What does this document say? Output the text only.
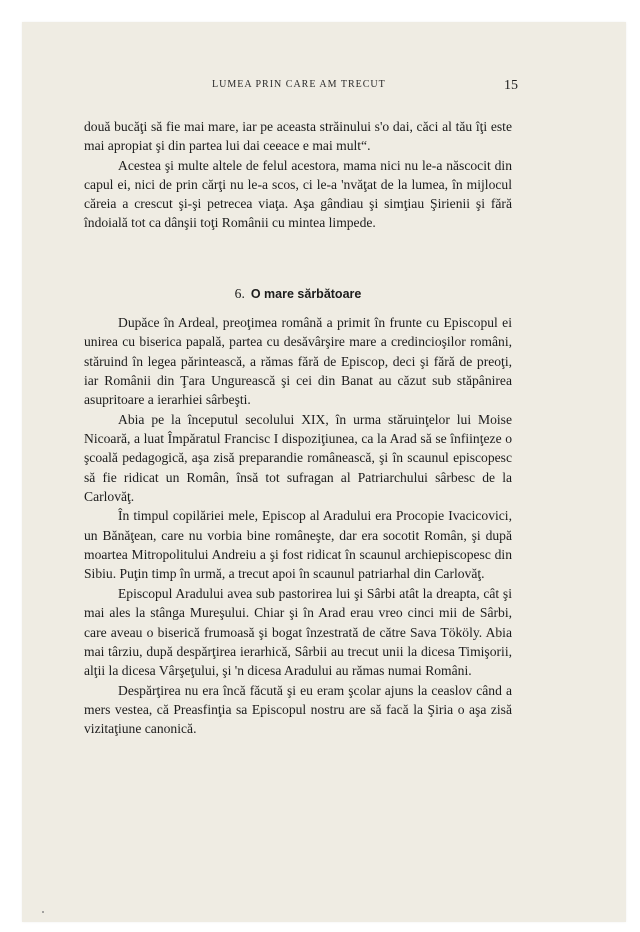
LUMEA PRIN CARE AM TRECUT	15

două bucăţi să fie mai mare, iar pe aceasta străinului s'o dai, căci al tău îţi este mai apropiat şi din partea lui dai ceeace e mai mult“.

Acestea şi multe altele de felul acestora, mama nici nu le-a născocit din capul ei, nici de prin cărţi nu le-a scos, ci le-a 'nvăţat de la lumea, în mijlocul căreia a crescut şi-şi petrecea viaţa. Aşa gândiau şi simţiau Şirienii şi fără îndoială tot ca dânşii toţi Românii cu mintea limpede.

6. O mare sărbătoare

Dupăce în Ardeal, preoţimea română a primit în frunte cu Episcopul ei unirea cu biserica papală, partea cu desăvârşire mare a credincioşilor români, stăruind în legea părintească, a rămas fără de Episcop, deci şi fără de preoţi, iar Românii din Ţara Ungurească şi cei din Banat au căzut sub stăpânirea asupritoare a ierarhiei sârbeşti.

Abia pe la începutul secolului XIX, în urma stăruinţelor lui Moise Nicoară, a luat Împăratul Francisc I dispoziţiunea, ca la Arad să se înfiinţeze o şcoală pedagogică, aşa zisă preparandie românească, şi în scaunul episcopesc să fie ridicat un Român, însă tot sufragan al Patriarchului sârbesc de la Carlovăţ.

În timpul copilăriei mele, Episcop al Aradului era Procopie Ivacicovici, un Bănăţean, care nu vorbia bine româneşte, dar era socotit Român, şi după moartea Mitropolitului Andreiu a şi fost ridicat în scaunul archiepiscopesc din Sibiu. Puţin timp în urmă, a trecut apoi în scaunul patriarhal din Carlovăţ.

Episcopul Aradului avea sub pastorirea lui şi Sârbi atât la dreapta, cât şi mai ales la stânga Mureşului. Chiar şi în Arad erau vreo cinci mii de Sârbi, care aveau o biserică frumoasă şi bogat înzestrată de către Sava Tököly. Abia mai târziu, după despărţirea ierarhică, Sârbii au trecut unii la dicesa Timişorii, alţii la dicesa Vârşeţului, şi 'n dicesa Aradului au rămas numai Români.

Despărţirea nu era încă făcută şi eu eram şcolar ajuns la ceaslov când a mers vestea, că Preasfinţia sa Episcopul nostru are să facă la Şiria o aşa zisă vizitaţiune canonică.
